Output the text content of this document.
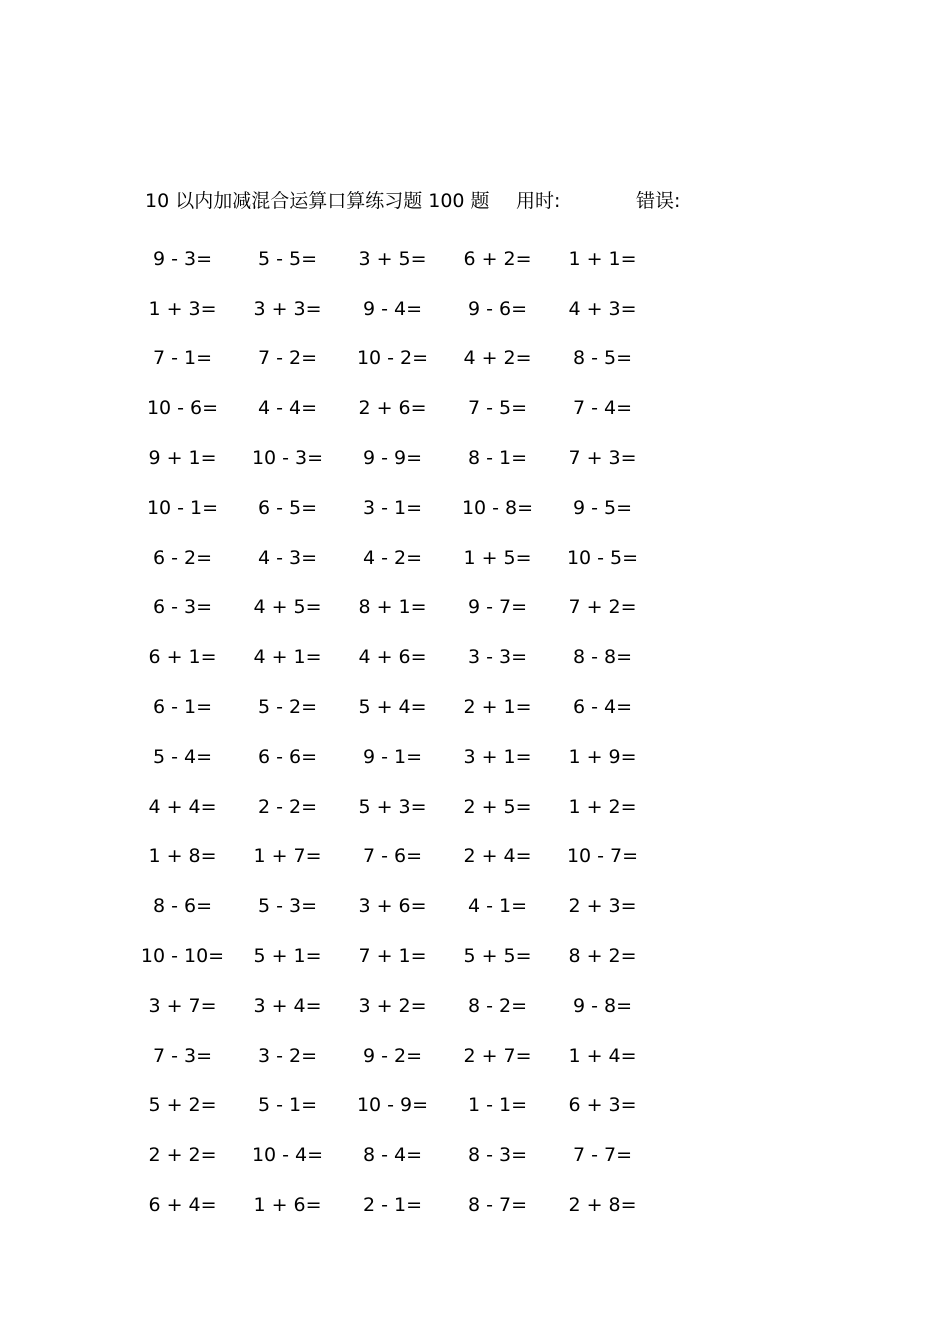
10 以内加减混合运算口算练习题 100 题 用时:	错误:
9 - 3=	5 - 5=	3 + 5=	6 + 2=	1 + 1=
1 + 3=	3 + 3=	9 - 4=	9 - 6=	4 + 3=
7 - 1=	7 - 2=	10 - 2=	4 + 2=	8 - 5=
10 - 6=	4 - 4=	2 + 6=	7 - 5=	7 - 4=
9 + 1=	10 - 3=	9 - 9=	8 - 1=	7 + 3=
10 - 1=	6 - 5=	3 - 1=	10 - 8=	9 - 5=
6 - 2=	4 - 3=	4 - 2=	1 + 5=	10 - 5=
6 - 3=	4 + 5=	8 + 1=	9 - 7=	7 + 2=
6 + 1=	4 + 1=	4 + 6=	3 - 3=	8 - 8=
6 - 1=	5 - 2=	5 + 4=	2 + 1=	6 - 4=
5 - 4=	6 - 6=	9 - 1=	3 + 1=	1 + 9=
4 + 4=	2 - 2=	5 + 3=	2 + 5=	1 + 2=
1 + 8=	1 + 7=	7 - 6=	2 + 4=	10 - 7=
8 - 6=	5 - 3=	3 + 6=	4 - 1=	2 + 3=
10 - 10=	5 + 1=	7 + 1=	5 + 5=	8 + 2=
3 + 7=	3 + 4=	3 + 2=	8 - 2=	9 - 8=
7 - 3=	3 - 2=	9 - 2=	2 + 7=	1 + 4=
5 + 2=	5 - 1=	10 - 9=	1 - 1=	6 + 3=
2 + 2=	10 - 4=	8 - 4=	8 - 3=	7 - 7=
6 + 4=	1 + 6=	2 - 1=	8 - 7=	2 + 8=
